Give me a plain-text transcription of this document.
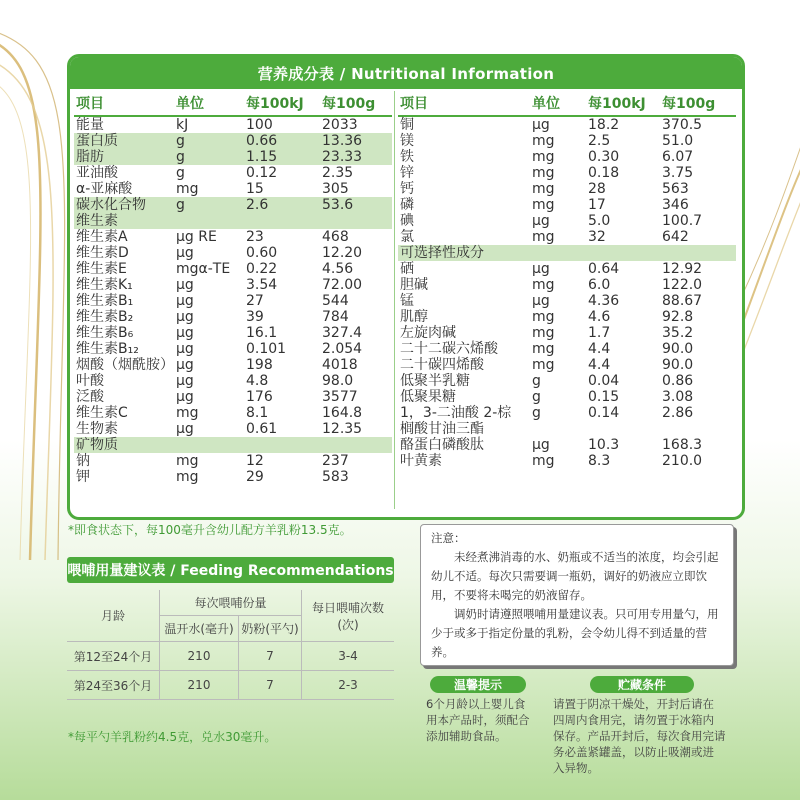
营养成分表 / Nutritional Information
项目	单位	每100kJ	每100g
能量	kJ	100	2033
蛋白质	g	0.66	13.36
脂肪	g	1.15	23.33
亚油酸	g	0.12	2.35
α-亚麻酸	mg	15	305
碳水化合物	g	2.6	53.6
维生素
维生素A	μg RE	23	468
维生素D	μg	0.60	12.20
维生素E	mgα-TE	0.22	4.56
维生素K₁	μg	3.54	72.00
维生素B₁	μg	27	544
维生素B₂	μg	39	784
维生素B₆	μg	16.1	327.4
维生素B₁₂	μg	0.101	2.054
烟酸（烟酰胺） μg	198	4018
叶酸	μg	4.8	98.0
泛酸	μg	176	3577
维生素C	mg	8.1	164.8
生物素	μg	0.61	12.35
矿物质
钠	mg	12	237
钾	mg	29	583
项目	单位	每100kJ	每100g
铜	μg	18.2	370.5
镁	mg	2.5	51.0
铁	mg	0.30	6.07
锌	mg	0.18	3.75
钙	mg	28	563
磷	mg	17	346
碘	μg	5.0	100.7
氯	mg	32	642
可选择性成分
硒	μg	0.64	12.92
胆碱	mg	6.0	122.0
锰	μg	4.36	88.67
肌醇	mg	4.6	92.8
左旋肉碱	mg	1.7	35.2
二十二碳六烯酸	mg	4.4	90.0
二十碳四烯酸	mg	4.4	90.0
低聚半乳糖	g	0.04	0.86
低聚果糖	g	0.15	3.08
1，3-二油酸 2-棕	g	0.14	2.86
榈酸甘油三酯
酪蛋白磷酸肽	μg	10.3	168.3
叶黄素	mg	8.3	210.0
*即食状态下，每100毫升含幼儿配方羊乳粉13.5克。
喂哺用量建议表 / Feeding Recommendations
月龄	每次喂哺份量		每日喂哺次数(次)
	温开水(毫升)	奶粉(平勺)	
第12至24个月	210	7	3-4
第24至36个月	210	7	2-3
*每平勺羊乳粉约4.5克，兑水30毫升。

注意：

未经煮沸消毒的水、奶瓶或不适当的浓度，均会引起幼儿不适。每次只需要调一瓶奶，调好的奶液应立即饮用，不要将未喝完的奶液留存。

调奶时请遵照喂哺用量建议表。只可用专用量勺，用少于或多于指定份量的乳粉，会令幼儿得不到适量的营养。

温馨提示
6个月龄以上婴儿食
用本产品时，须配合
添加辅助食品。
贮藏条件
请置于阴凉干燥处，开封后请在
四周内食用完，请勿置于冰箱内
保存。产品开封后，每次食用完请
务必盖紧罐盖，以防止吸潮或进
入异物。
